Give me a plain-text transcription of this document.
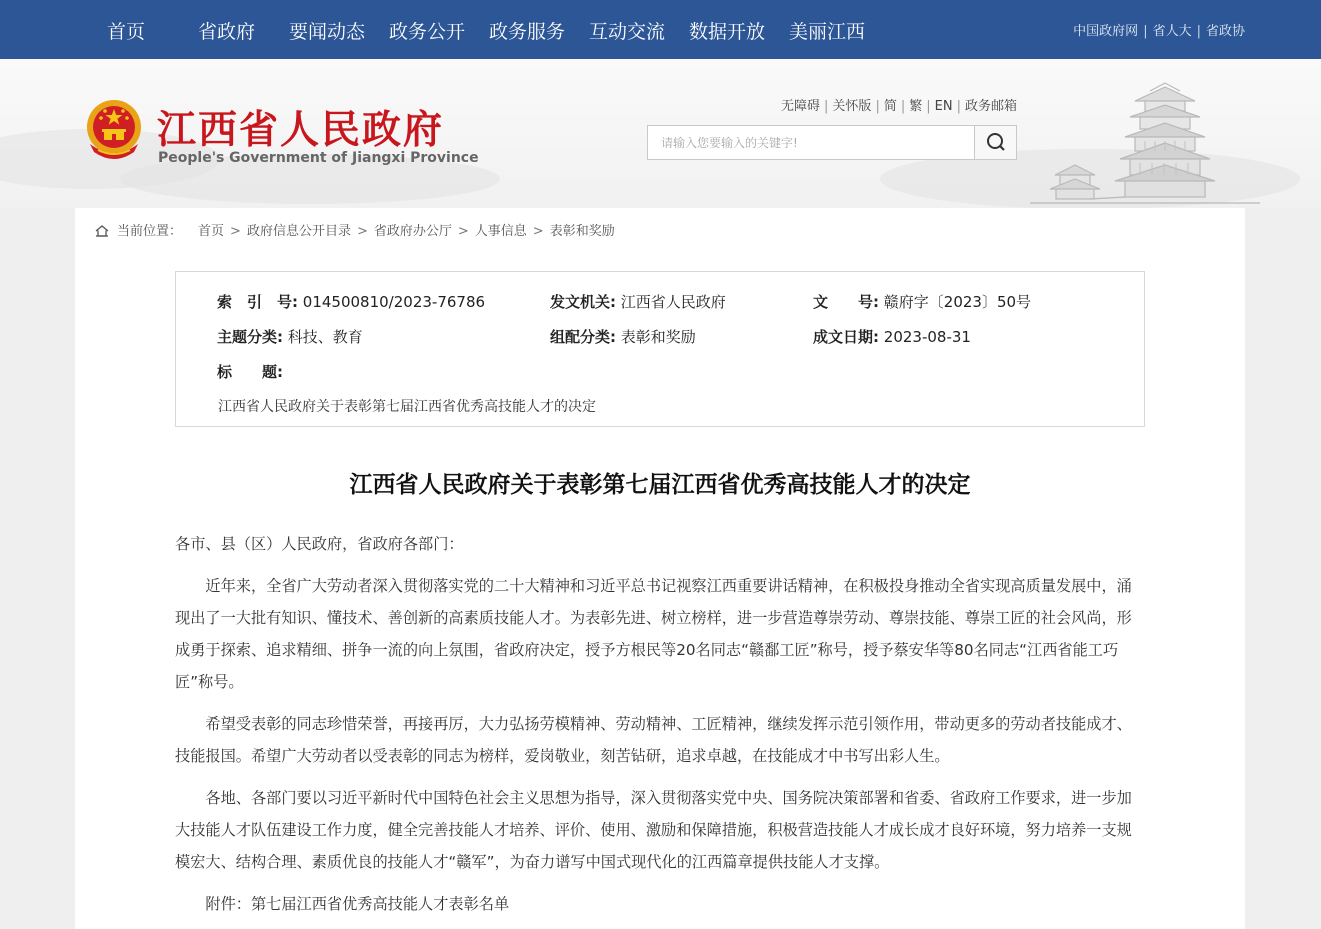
首页	省政府 要闻动态 政务公开 政务服务 互动交流 数据开放 美丽江西	中国政府网 | 省人大 | 省政协
江西省人民政府
People's Government of Jiangxi Province
无障碍 | 关怀版 | 简 | 繁 | EN | 政务邮箱
请输入您要输入的关键字!
当前位置： 首页 > 政府信息公开目录 > 省政府办公厅 > 人事信息 > 表彰和奖励
索　引　号: 014500810/2023-76786	发文机关: 江西省人民政府	文　　号: 赣府字〔2023〕50号
主题分类: 科技、教育	组配分类: 表彰和奖励	成文日期: 2023-08-31
标　　题:
江西省人民政府关于表彰第七届江西省优秀高技能人才的决定
江西省人民政府关于表彰第七届江西省优秀高技能人才的决定
各市、县（区）人民政府，省政府各部门：
近年来，全省广大劳动者深入贯彻落实党的二十大精神和习近平总书记视察江西重要讲话精神，在积极投身推动全省实现高质量发展中，涌现出了一大批有知识、懂技术、善创新的高素质技能人才。为表彰先进、树立榜样，进一步营造尊崇劳动、尊崇技能、尊崇工匠的社会风尚，形成勇于探索、追求精细、拼争一流的向上氛围，省政府决定，授予方根民等20名同志“赣鄱工匠”称号，授予蔡安华等80名同志“江西省能工巧匠”称号。
希望受表彰的同志珍惜荣誉，再接再厉，大力弘扬劳模精神、劳动精神、工匠精神，继续发挥示范引领作用，带动更多的劳动者技能成才、技能报国。希望广大劳动者以受表彰的同志为榜样，爱岗敬业，刻苦钻研，追求卓越，在技能成才中书写出彩人生。
各地、各部门要以习近平新时代中国特色社会主义思想为指导，深入贯彻落实党中央、国务院决策部署和省委、省政府工作要求，进一步加大技能人才队伍建设工作力度，健全完善技能人才培养、评价、使用、激励和保障措施，积极营造技能人才成长成才良好环境，努力培养一支规模宏大、结构合理、素质优良的技能人才“赣军”，为奋力谱写中国式现代化的江西篇章提供技能人才支撑。
附件：第七届江西省优秀高技能人才表彰名单
